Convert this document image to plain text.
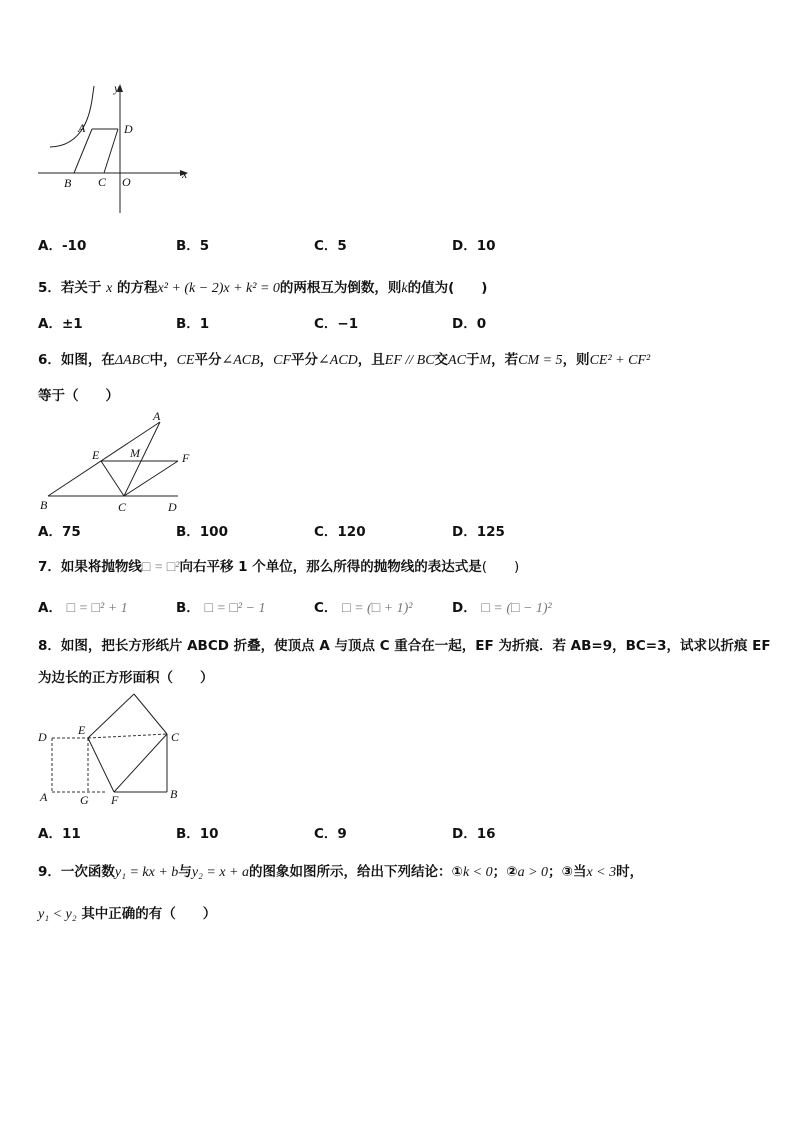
y
x
A	D
B C O
A．-10	B．5	C．5	D．10
5．若关于 x 的方程x² + (k − 2)x + k² = 0的两根互为倒数，则k的值为(　　)
A．±1	B．1	C．−1	D．0
6．如图，在ΔABC中，CE平分∠ACB，CF平分∠ACD，且EF // BC交AC于M，若CM = 5，则CE² + CF²
等于（　　）
A
E	M	F
B	C	D
A．75	B．100	C．120	D．125
7．如果将抛物线□ = □²向右平移 1 个单位，那么所得的抛物线的表达式是(　　)
A． □ = □² + 1	B． □ = □² − 1	C． □ = (□ + 1)²	D． □ = (□ − 1)²
8．如图，把长方形纸片 ABCD 折叠，使顶点 A 与顶点 C 重合在一起，EF 为折痕．若 AB=9，BC=3，试求以折痕 EF
为边长的正方形面积（　　）
D	E	C
A	G F	B
A．11	B．10	C．9	D．16
9．一次函数y₁ = kx + b与y₂ = x + a的图象如图所示，给出下列结论：①k < 0；②a > 0；③当x < 3时，
y₁ < y₂ 其中正确的有（　　）
